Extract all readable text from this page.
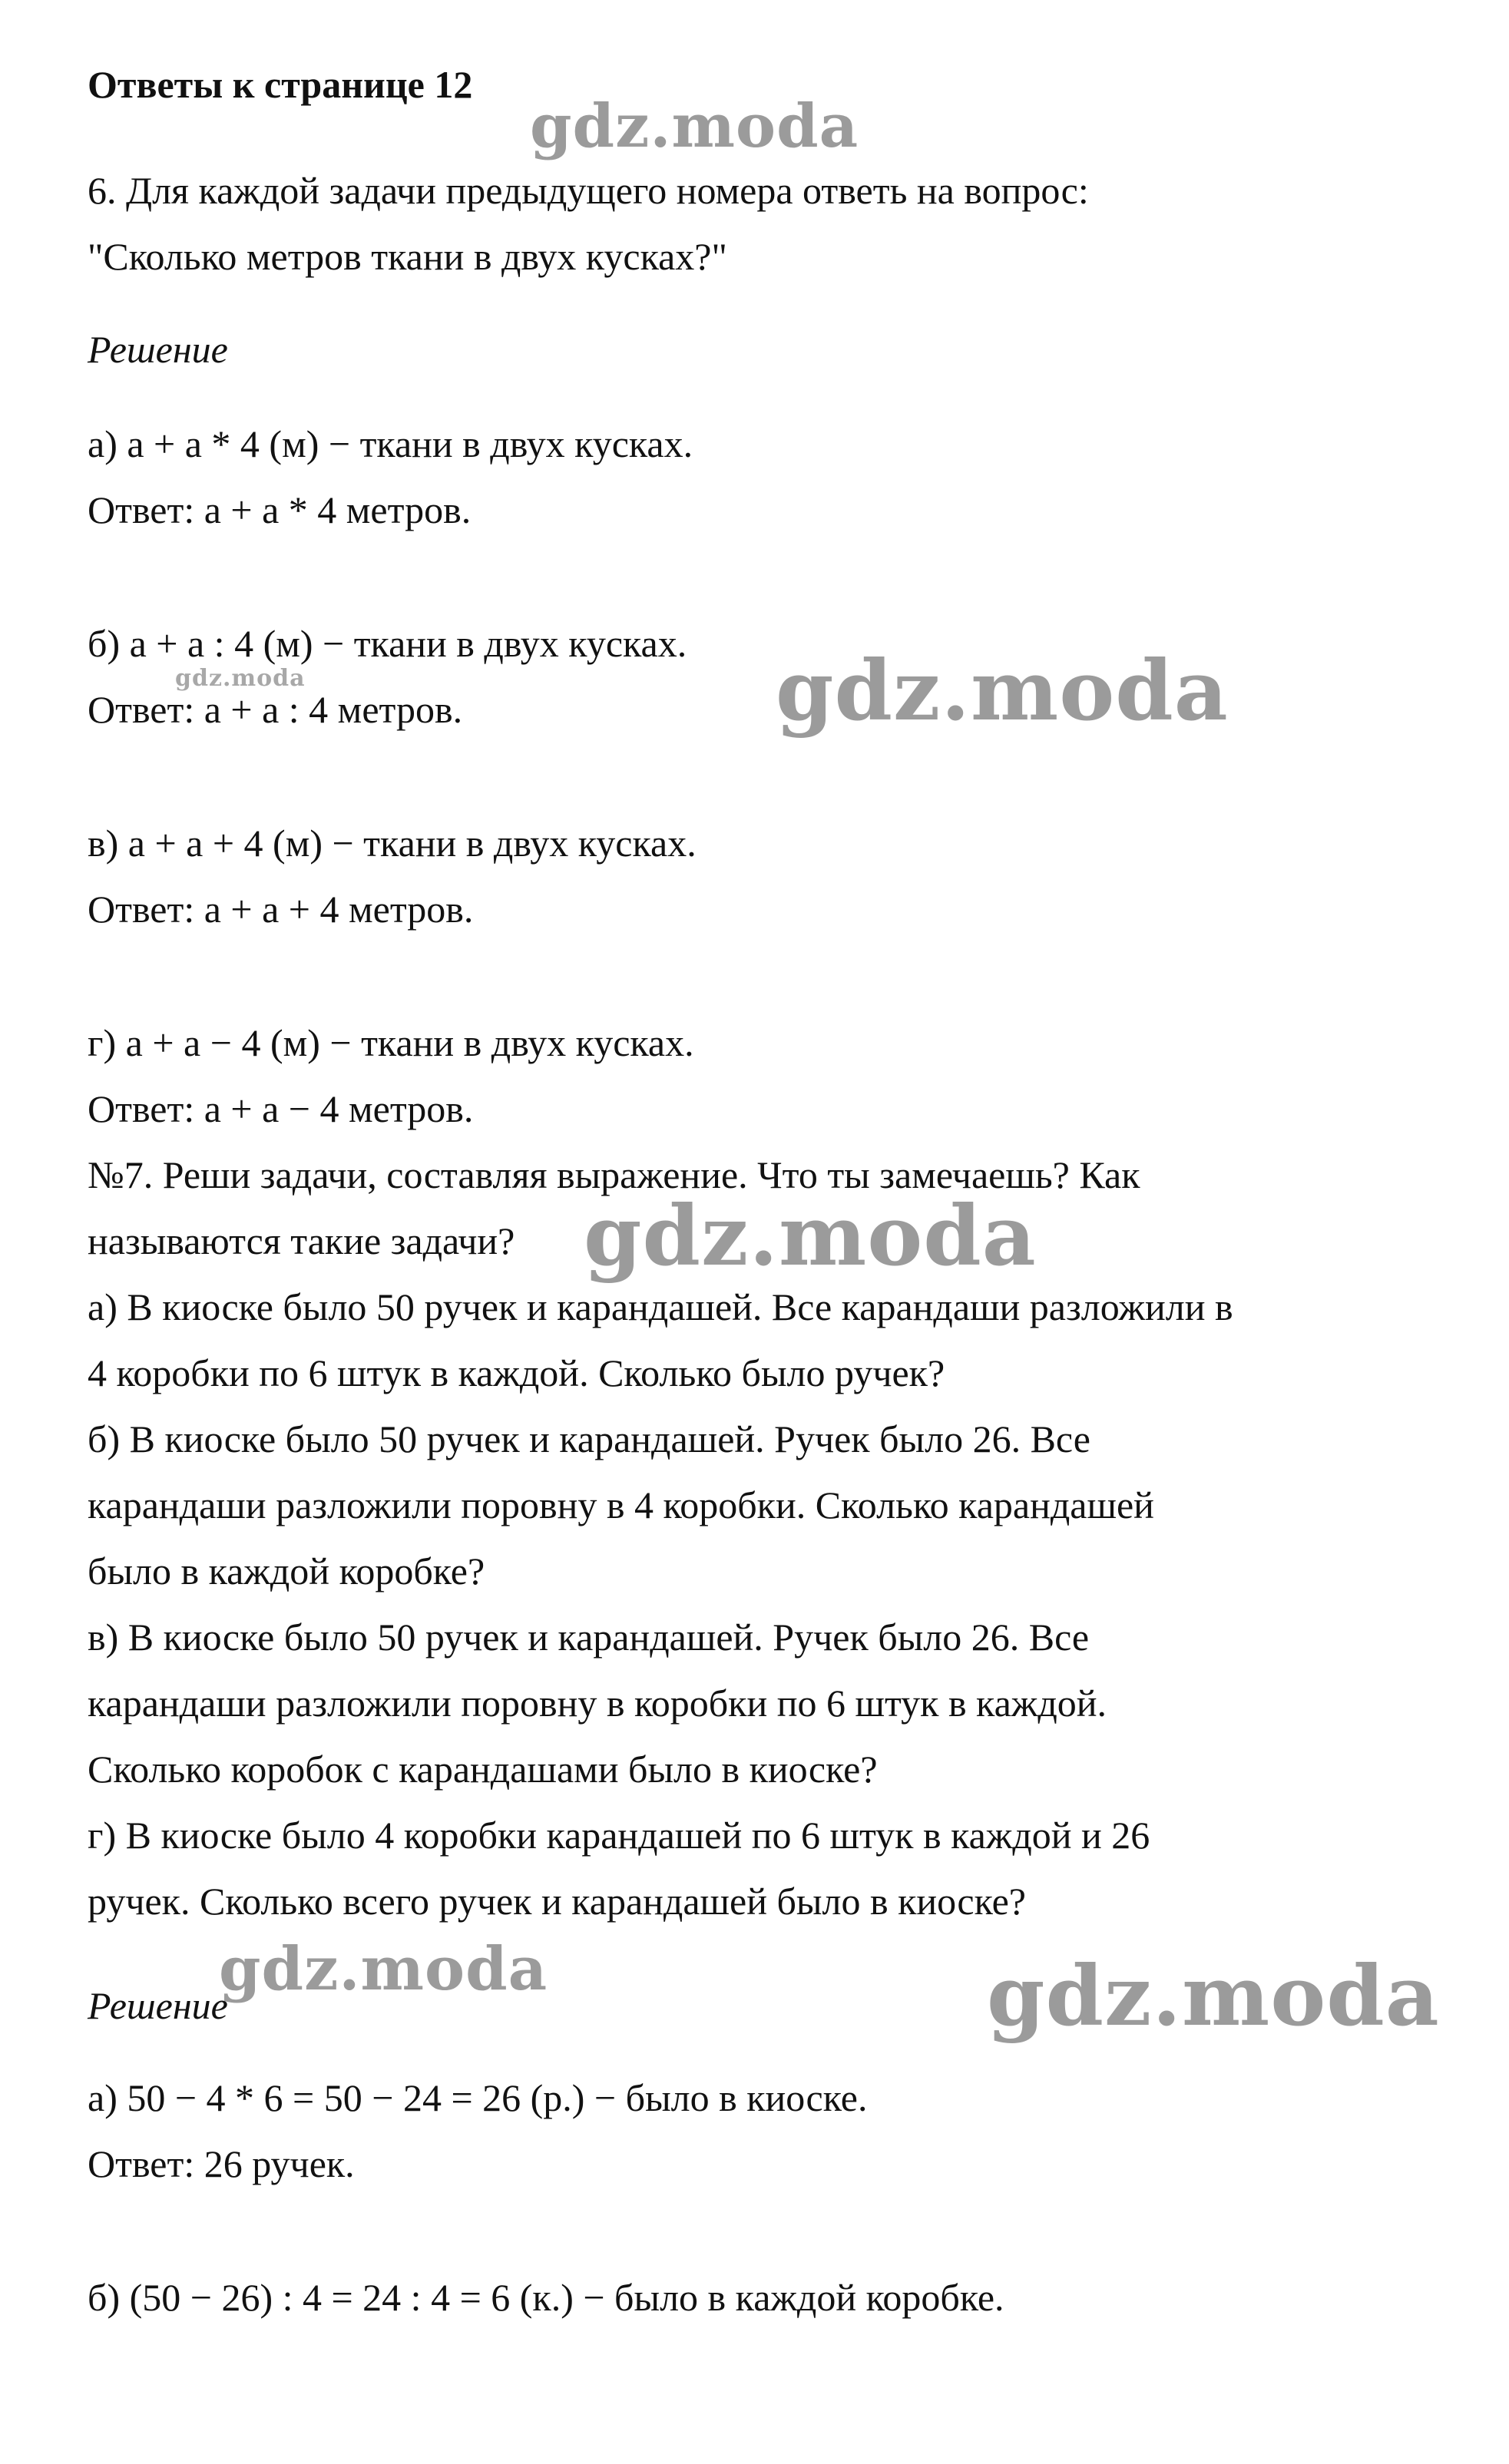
Ответы к странице 12

6. Для каждой задачи предыдущего номера ответь на вопрос:

"Сколько метров ткани в двух кусках?"

Решение

а) a + a * 4 (м) − ткани в двух кусках.

Ответ: a + a * 4 метров.

б) a + a : 4 (м) − ткани в двух кусках.

Ответ: a + a : 4 метров.

в) a + a + 4 (м) − ткани в двух кусках.

Ответ: a + a + 4 метров.

г) a + a − 4 (м) − ткани в двух кусках.

Ответ: a + a − 4 метров.

№7. Реши задачи, составляя выражение. Что ты замечаешь? Как

называются такие задачи?

а) В киоске было 50 ручек и карандашей. Все карандаши разложили в

4 коробки по 6 штук в каждой. Сколько было ручек?

б) В киоске было 50 ручек и карандашей. Ручек было 26. Все

карандаши разложили поровну в 4 коробки. Сколько карандашей

было в каждой коробке?

в) В киоске было 50 ручек и карандашей. Ручек было 26. Все

карандаши разложили поровну в коробки по 6 штук в каждой.

Сколько коробок с карандашами было в киоске?

г) В киоске было 4 коробки карандашей по 6 штук в каждой и 26

ручек. Сколько всего ручек и карандашей было в киоске?

Решение

а) 50 − 4 * 6 = 50 − 24 = 26 (р.) − было в киоске.

Ответ: 26 ручек.

б) (50 − 26) : 4 = 24 : 4 = 6 (к.) − было в каждой коробке.

gdz.moda
gdz.moda
gdz.moda
gdz.moda
gdz.moda	gdz.moda
